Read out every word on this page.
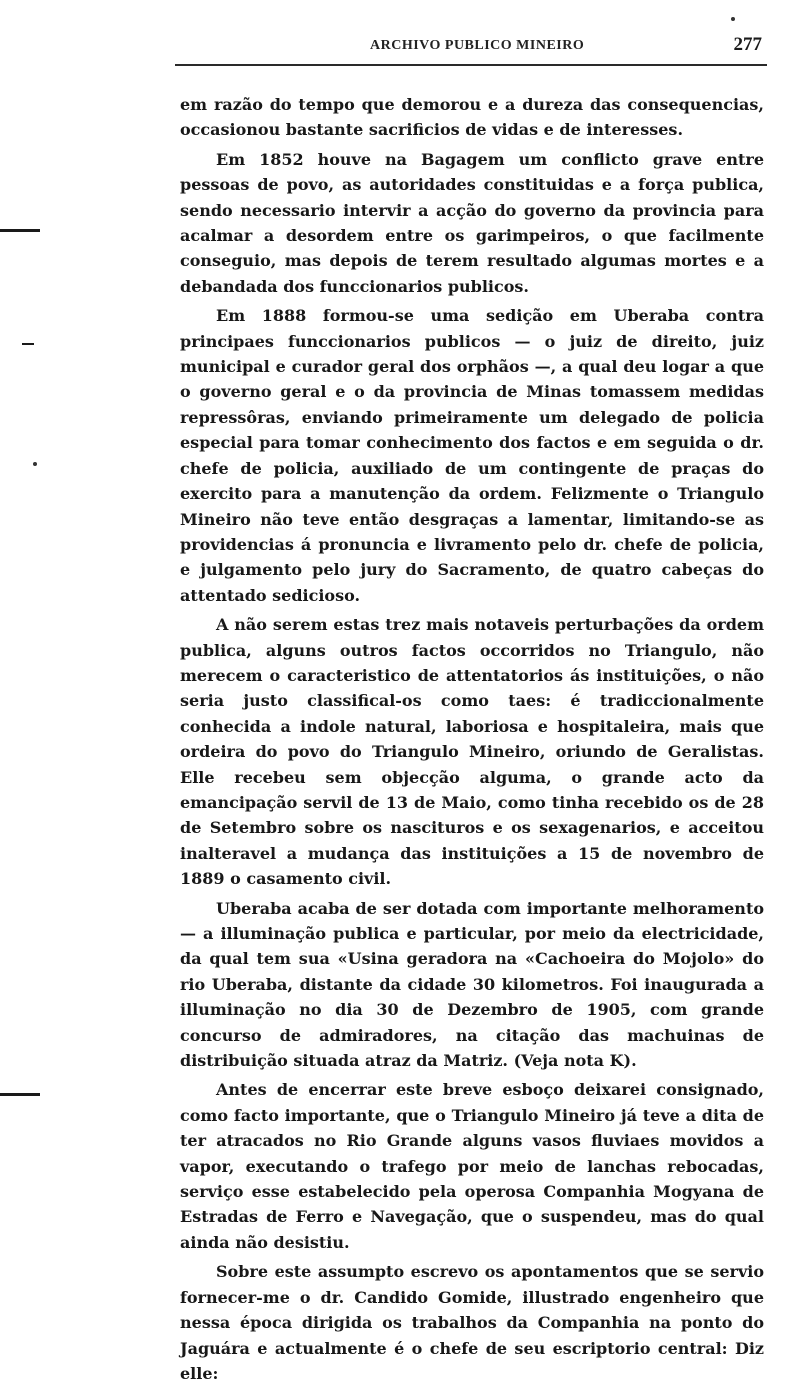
ARCHIVO PUBLICO MINEIRO	277

em razão do tempo que demorou e a dureza das consequencias, occasionou bastante sacrificios de vidas e de interesses.

Em 1852 houve na Bagagem um conflicto grave entre pessoas de povo, as autoridades constituidas e a força publica, sendo necessario intervir a acção do governo da provincia para acalmar a desordem entre os garimpeiros, o que facilmente conseguio, mas depois de terem resultado algumas mortes e a debandada dos funccionarios publicos.

Em 1888 formou-se uma sedição em Uberaba contra principaes funccionarios publicos — o juiz de direito, juiz municipal e curador geral dos orphãos —, a qual deu logar a que o governo geral e o da provincia de Minas tomassem medidas repressôras, enviando primeiramente um delegado de policia especial para tomar conhecimento dos factos e em seguida o dr. chefe de policia, auxiliado de um contingente de praças do exercito para a manutenção da ordem. Felizmente o Triangulo Mineiro não teve então desgraças a lamentar, limitando-se as providencias á pronuncia e livramento pelo dr. chefe de policia, e julgamento pelo jury do Sacramento, de quatro cabeças do attentado sedicioso.

A não serem estas trez mais notaveis perturbações da ordem publica, alguns outros factos occorridos no Triangulo, não merecem o caracteristico de attentatorios ás instituições, o não seria justo classifical-os como taes: é tradiccionalmente conhecida a indole natural, laboriosa e hospitaleira, mais que ordeira do povo do Triangulo Mineiro, oriundo de Geralistas. Elle recebeu sem objecção alguma, o grande acto da emancipação servil de 13 de Maio, como tinha recebido os de 28 de Setembro sobre os nascituros e os sexagenarios, e acceitou inalteravel a mudança das instituições a 15 de novembro de 1889 o casamento civil.

Uberaba acaba de ser dotada com importante melhoramento — a illuminação publica e particular, por meio da electricidade, da qual tem sua «Usina geradora na «Cachoeira do Mojolo» do rio Uberaba, distante da cidade 30 kilometros. Foi inaugurada a illuminação no dia 30 de Dezembro de 1905, com grande concurso de admiradores, na citação das machuinas de distribuição situada atraz da Matriz. (Veja nota K).

Antes de encerrar este breve esboço deixarei consignado, como facto importante, que o Triangulo Mineiro já teve a dita de ter atracados no Rio Grande alguns vasos fluviaes movidos a vapor, executando o trafego por meio de lanchas rebocadas, serviço esse estabelecido pela operosa Companhia Mogyana de Estradas de Ferro e Navegação, que o suspendeu, mas do qual ainda não desistiu.

Sobre este assumpto escrevo os apontamentos que se servio fornecer-me o dr. Candido Gomide, illustrado engenheiro que nessa época dirigida os trabalhos da Companhia na ponto do Jaguára e actualmente é o chefe de seu escriptorio central: Diz elle:
